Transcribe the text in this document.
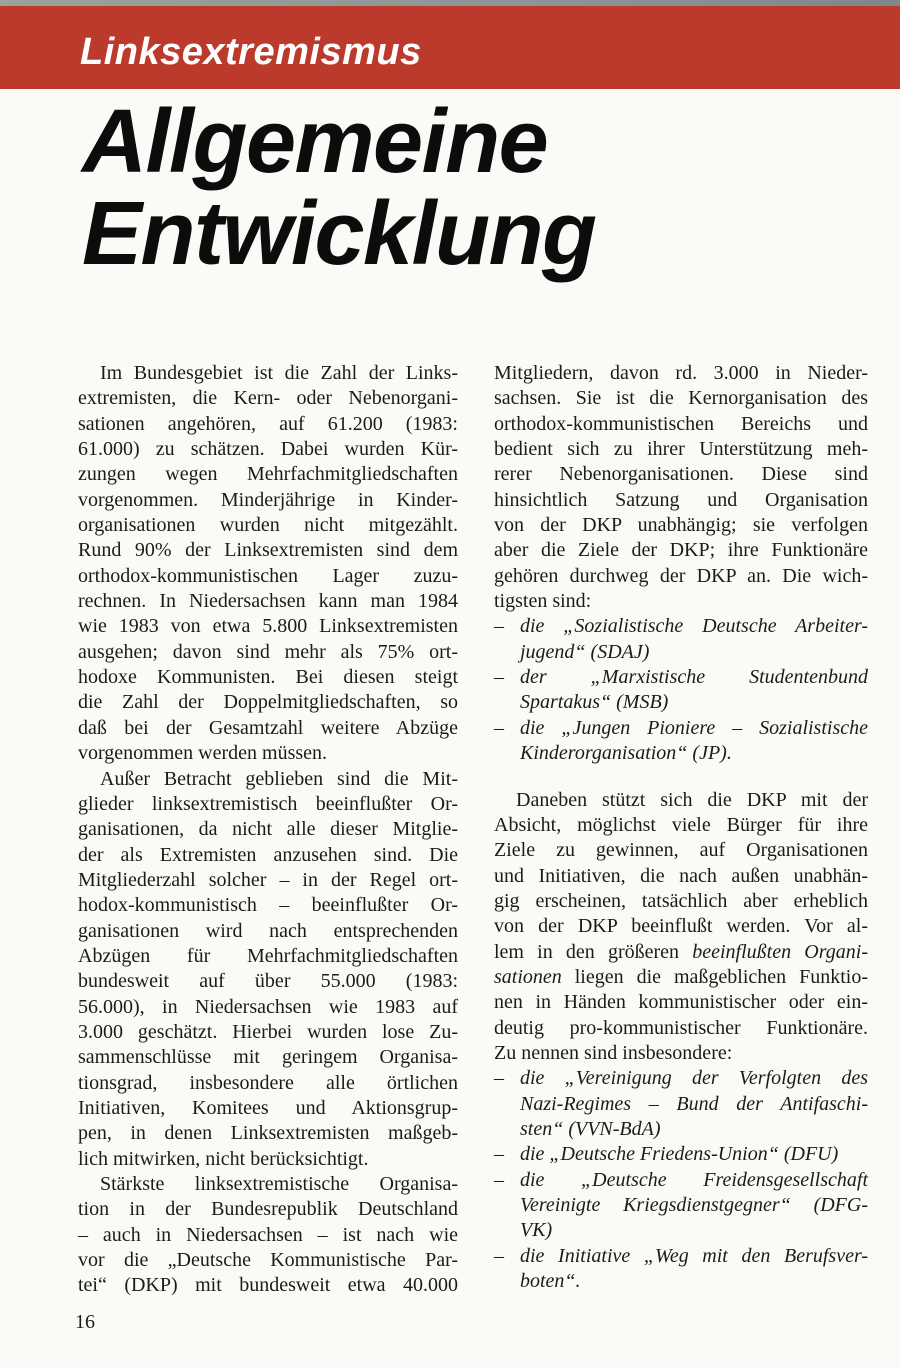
Linksextremismus
Allgemeine
Entwicklung
Im Bundesgebiet ist die Zahl der Links-
extremisten, die Kern- oder Nebenorgani-
sationen angehören, auf 61.200 (1983:
61.000) zu schätzen. Dabei wurden Kür-
zungen wegen Mehrfachmitgliedschaften
vorgenommen. Minderjährige in Kinder-
organisationen wurden nicht mitgezählt.
Rund 90% der Linksextremisten sind dem
orthodox-kommunistischen Lager zuzu-
rechnen. In Niedersachsen kann man 1984
wie 1983 von etwa 5.800 Linksextremisten
ausgehen; davon sind mehr als 75% ort-
hodoxe Kommunisten. Bei diesen steigt
die Zahl der Doppelmitgliedschaften, so
daß bei der Gesamtzahl weitere Abzüge
vorgenommen werden müssen.
Außer Betracht geblieben sind die Mit-
glieder linksextremistisch beeinflußter Or-
ganisationen, da nicht alle dieser Mitglie-
der als Extremisten anzusehen sind. Die
Mitgliederzahl solcher – in der Regel ort-
hodox-kommunistisch – beeinflußter Or-
ganisationen wird nach entsprechenden
Abzügen für Mehrfachmitgliedschaften
bundesweit auf über 55.000 (1983:
56.000), in Niedersachsen wie 1983 auf
3.000 geschätzt. Hierbei wurden lose Zu-
sammenschlüsse mit geringem Organisa-
tionsgrad, insbesondere alle örtlichen
Initiativen, Komitees und Aktionsgrup-
pen, in denen Linksextremisten maßgeb-
lich mitwirken, nicht berücksichtigt.
Stärkste linksextremistische Organisa-
tion in der Bundesrepublik Deutschland
– auch in Niedersachsen – ist nach wie
vor die „Deutsche Kommunistische Par-
tei“ (DKP) mit bundesweit etwa 40.000
Mitgliedern, davon rd. 3.000 in Nieder-
sachsen. Sie ist die Kernorganisation des
orthodox-kommunistischen Bereichs und
bedient sich zu ihrer Unterstützung meh-
rerer Nebenorganisationen. Diese sind
hinsichtlich Satzung und Organisation
von der DKP unabhängig; sie verfolgen
aber die Ziele der DKP; ihre Funktionäre
gehören durchweg der DKP an. Die wich-
tigsten sind:
– die „Sozialistische Deutsche Arbeiter-
jugend“ (SDAJ)
– der „Marxistische Studentenbund
Spartakus“ (MSB)
– die „Jungen Pioniere – Sozialistische
Kinderorganisation“ (JP).
Daneben stützt sich die DKP mit der
Absicht, möglichst viele Bürger für ihre
Ziele zu gewinnen, auf Organisationen
und Initiativen, die nach außen unabhän-
gig erscheinen, tatsächlich aber erheblich
von der DKP beeinflußt werden. Vor al-
lem in den größeren beeinflußten Organi-
sationen liegen die maßgeblichen Funktio-
nen in Händen kommunistischer oder ein-
deutig pro-kommunistischer Funktionäre.
Zu nennen sind insbesondere:
– die „Vereinigung der Verfolgten des
Nazi-Regimes – Bund der Antifaschi-
sten“ (VVN-BdA)
– die „Deutsche Friedens-Union“ (DFU)
– die „Deutsche Freidensgesellschaft
Vereinigte Kriegsdienstgegner“ (DFG-
VK)
– die Initiative „Weg mit den Berufsver-
boten“.
16
